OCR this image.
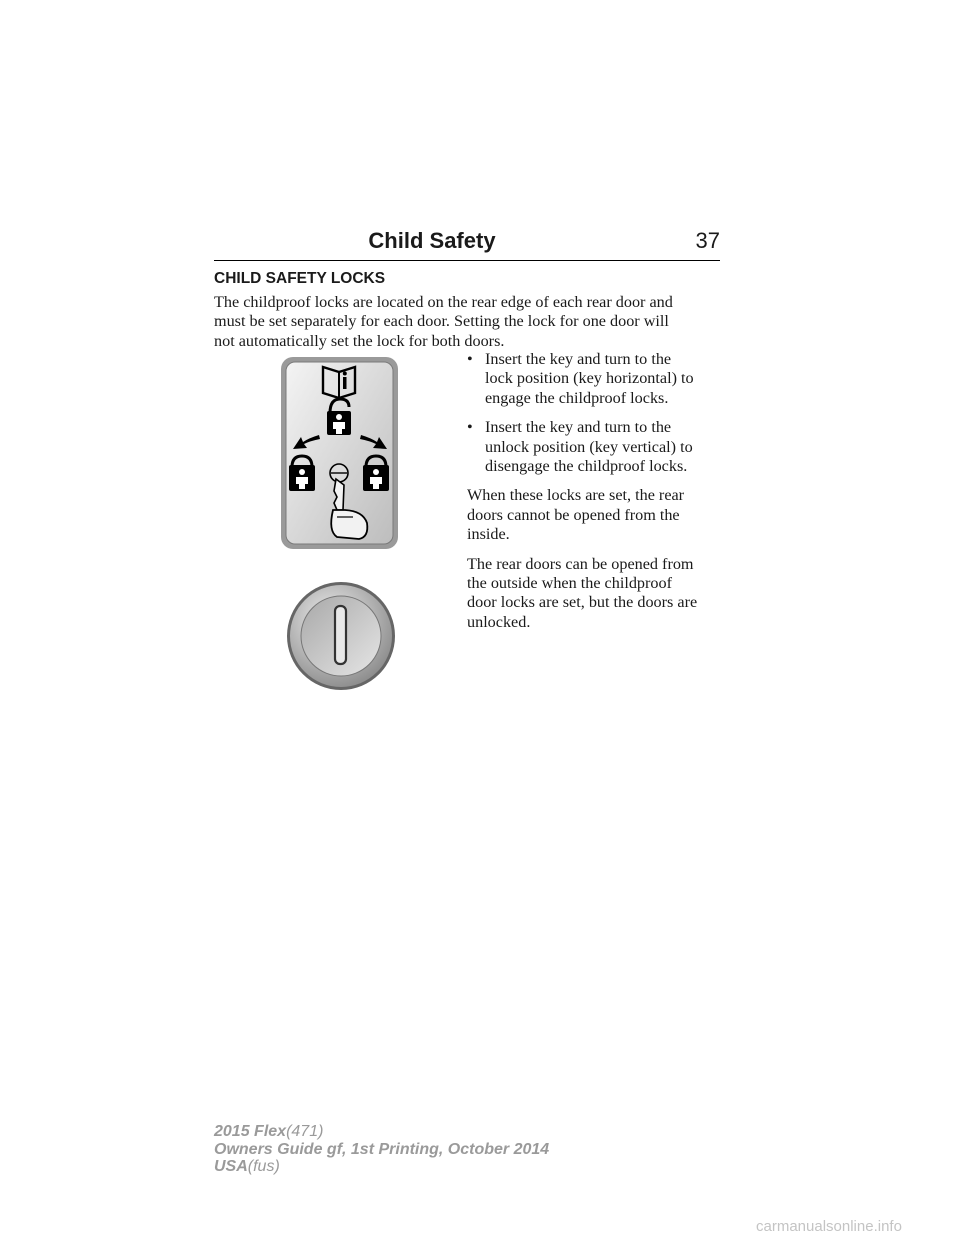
Child Safety	37
CHILD SAFETY LOCKS

The childproof locks are located on the rear edge of each rear door and
must be set separately for each door. Setting the lock for one door will
not automatically set the lock for both doors.

• Insert the key and turn to the
lock position (key horizontal) to
engage the childproof locks.
• Insert the key and turn to the
unlock position (key vertical) to
disengage the childproof locks.

When these locks are set, the rear
doors cannot be opened from the
inside.

The rear doors can be opened from
the outside when the childproof
door locks are set, but the doors are
unlocked.

2015 Flex(471)
Owners Guide gf, 1st Printing, October 2014
USA(fus)
carmanualsonline.info
